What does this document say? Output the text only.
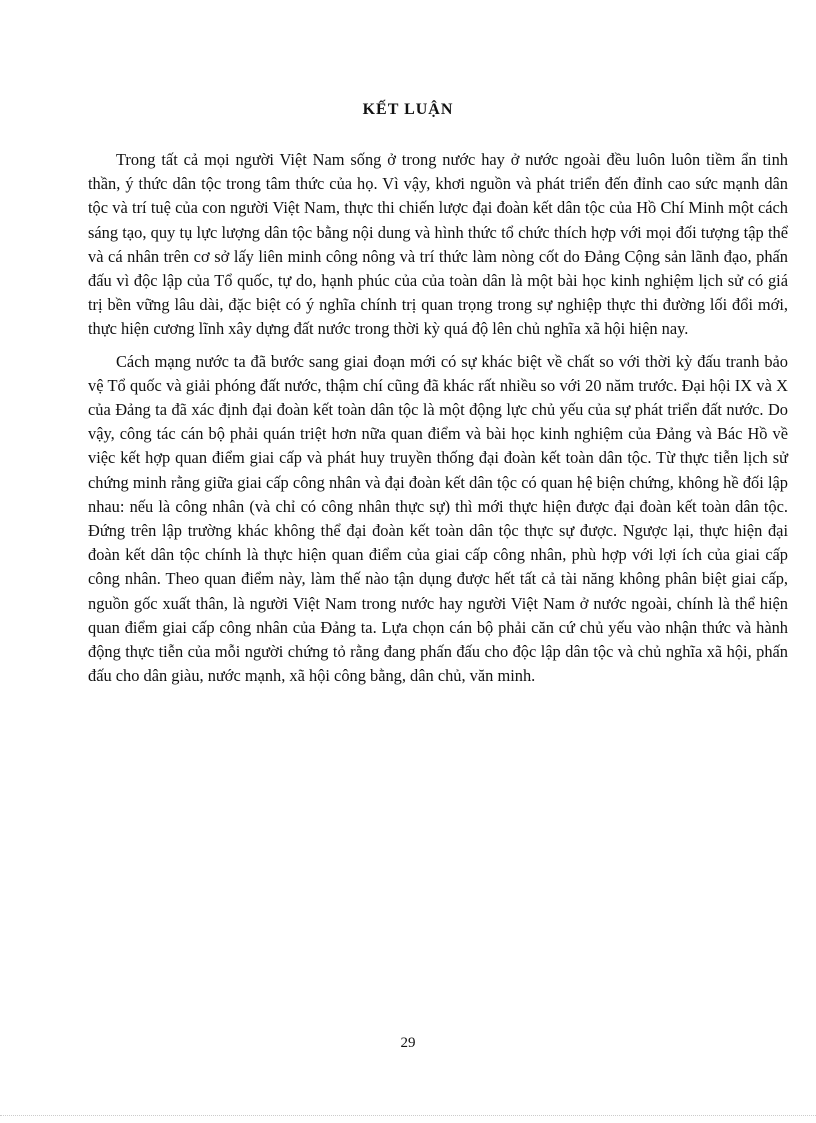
KẾT LUẬN

Trong tất cả mọi người Việt Nam sống ở trong nước hay ở nước ngoài đều luôn luôn tiềm ẩn tinh thần, ý thức dân tộc trong tâm thức của họ. Vì vậy, khơi nguồn và phát triển đến đỉnh cao sức mạnh dân tộc và trí tuệ của con người Việt Nam, thực thi chiến lược đại đoàn kết dân tộc của Hồ Chí Minh một cách sáng tạo, quy tụ lực lượng dân tộc bằng nội dung và hình thức tổ chức thích hợp với mọi đối tượng tập thể và cá nhân trên cơ sở lấy liên minh công nông và trí thức làm nòng cốt do Đảng Cộng sản lãnh đạo, phấn đấu vì độc lập của Tổ quốc, tự do, hạnh phúc của của toàn dân là một bài học kinh nghiệm lịch sử có giá trị bền vững lâu dài, đặc biệt có ý nghĩa chính trị quan trọng trong sự nghiệp thực thi đường lối đổi mới, thực hiện cương lĩnh xây dựng đất nước trong thời kỳ quá độ lên chủ nghĩa xã hội hiện nay.

Cách mạng nước ta đã bước sang giai đoạn mới có sự khác biệt về chất so với thời kỳ đấu tranh bảo vệ Tổ quốc và giải phóng đất nước, thậm chí cũng đã khác rất nhiều so với 20 năm trước. Đại hội IX và X của Đảng ta đã xác định đại đoàn kết toàn dân tộc là một động lực chủ yếu của sự phát triển đất nước. Do vậy, công tác cán bộ phải quán triệt hơn nữa quan điểm và bài học kinh nghiệm của Đảng và Bác Hồ về việc kết hợp quan điểm giai cấp và phát huy truyền thống đại đoàn kết toàn dân tộc. Từ thực tiễn lịch sử chứng minh rằng giữa giai cấp công nhân và đại đoàn kết dân tộc có quan hệ biện chứng, không hề đối lập nhau: nếu là công nhân (và chỉ có công nhân thực sự) thì mới thực hiện được đại đoàn kết toàn dân tộc. Đứng trên lập trường khác không thể đại đoàn kết toàn dân tộc thực sự được. Ngược lại, thực hiện đại đoàn kết dân tộc chính là thực hiện quan điểm của giai cấp công nhân, phù hợp với lợi ích của giai cấp công nhân. Theo quan điểm này, làm thế nào tận dụng được hết tất cả tài năng không phân biệt giai cấp, nguồn gốc xuất thân, là người Việt Nam trong nước hay người Việt Nam ở nước ngoài, chính là thể hiện quan điểm giai cấp công nhân của Đảng ta. Lựa chọn cán bộ phải căn cứ chủ yếu vào nhận thức và hành động thực tiễn của mỗi người chứng tỏ rằng đang phấn đấu cho độc lập dân tộc và chủ nghĩa xã hội, phấn đấu cho dân giàu, nước mạnh, xã hội công bằng, dân chủ, văn minh.

29
